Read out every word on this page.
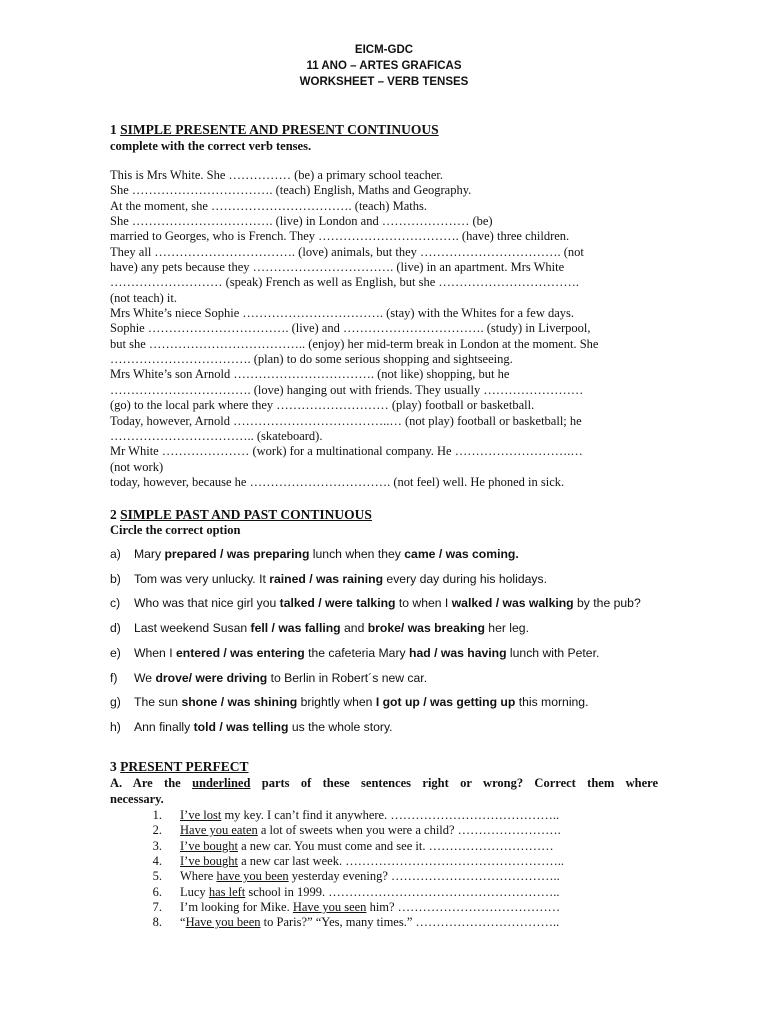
EICM-GDC
11 ANO – ARTES GRAFICAS
WORKSHEET – VERB TENSES
1 SIMPLE PRESENTE AND PRESENT CONTINUOUS
complete with the correct verb tenses.
This is Mrs White. She …………… (be) a primary school teacher.
She ……………………………. (teach) English, Maths and Geography.
At the moment, she ……………………………. (teach) Maths.
She ……………………………. (live) in London and ………………… (be)
married to Georges, who is French. They ……………………………. (have) three children.
They all ……………………………. (love) animals, but they ……………………………. (not
have) any pets because they ……………………………. (live) in an apartment. Mrs White
……………………… (speak) French as well as English, but she …………………………….
(not teach) it.
Mrs White’s niece Sophie ……………………………. (stay) with the Whites for a few days.
Sophie ……………………………. (live) and ……………………………. (study) in Liverpool,
but she ……………………………….. (enjoy) her mid-term break in London at the moment. She
……………………………. (plan) to do some serious shopping and sightseeing.
Mrs White’s son Arnold ……………………………. (not like) shopping, but he
……………………………. (love) hanging out with friends. They usually ……………………
(go) to the local park where they ……………………… (play) football or basketball.
Today, however, Arnold ………………………………..… (not play) football or basketball; he
…………………………….. (skateboard).
Mr White ………………… (work) for a multinational company. He ……………………….…
(not work)
today, however, because he ……………………………. (not feel) well. He phoned in sick.
2 SIMPLE PAST AND PAST CONTINUOUS
Circle the correct option
a) Mary prepared / was preparing lunch when they came / was coming.
b) Tom was very unlucky. It rained / was raining every day during his holidays.
c) Who was that nice girl you talked / were talking to when I walked / was walking by the pub?
d) Last weekend Susan fell / was falling and broke/ was breaking her leg.
e) When I entered / was entering the cafeteria Mary had / was having lunch with Peter.
f) We drove/ were driving to Berlin in Robert´s new car.
g) The sun shone / was shining brightly when I got up / was getting up this morning.
h) Ann finally told / was telling us the whole story.
3 PRESENT PERFECT
A. Are the underlined parts of these sentences right or wrong? Correct them where
necessary.
1. I’ve lost my key. I can’t find it anywhere. …………………………………..
2. Have you eaten a lot of sweets when you were a child? …………………….
3. I’ve bought a new car. You must come and see it. …………………………
4. I’ve bought a new car last week. ……………………………………………..
5. Where have you been yesterday evening? …………………………………..
6. Lucy has left school in 1999. ………………………………………………..
7. I’m looking for Mike. Have you seen him? …………………………………
8. “Have you been to Paris?” “Yes, many times.” ……………………………..
